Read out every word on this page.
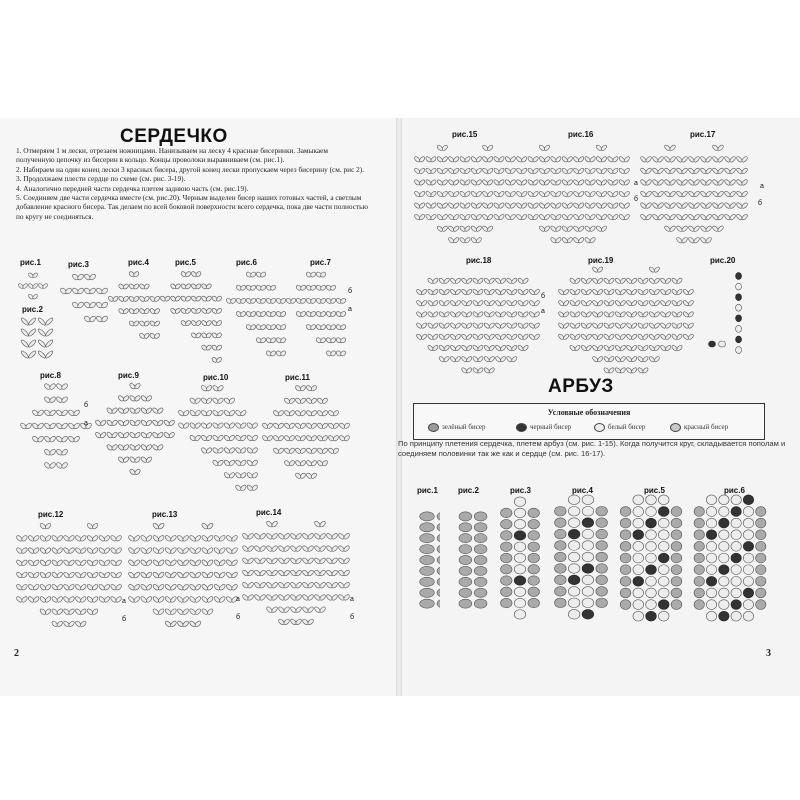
СЕРДЕЧКО
1. Отмеряем 1 м лески, отрезаем ножницами. Нанизываем на леску 4 красные бисеринки. Замыкаем полученную цепочку из бисерин в кольцо. Концы проволоки выравниваем (см. рис.1).
2. Набираем на один конец лески 3 красных бисера, другой конец лески пропускаем через бисерину (см. рис 2).
3. Продолжаем плести сердце по схеме (см. рис. 3-19).
4. Аналогично передней части сердечка плетем заднюю часть (см. рис.19).
5. Соединяем две части сердечка вместе (см. рис.20). Черным выделен бисер наших готовых частей, а светлым добавление красного бисера. Так делаем по всей боковой поверхности всего сердечка, пока две части полностью по кругу не соединяться.
рис.1
рис.2
рис.3	рис.4	рис.5	рис.6	рис.7
рис.8	рис.9	рис.10	рис.11
рис.12	рис.13	рис.14
б
а
б
а
а
б
а
б
а
б
2
рис.15	рис.16	рис.17
рис.18	рис.19	рис.20
а
б
а
б
б
а
АРБУЗ
Условные обозначения
зелёный бисер	черный бисер	белый бисер	красный бисер
По принципу плетения сердечка, плетем арбуз (см. рис. 1-15). Когда получится круг, складывается пополам и соединяем половинки так же как и сердце (см. рис. 16-17).
рис.1	рис.2	рис.3	рис.4	рис.5	рис.6
3
